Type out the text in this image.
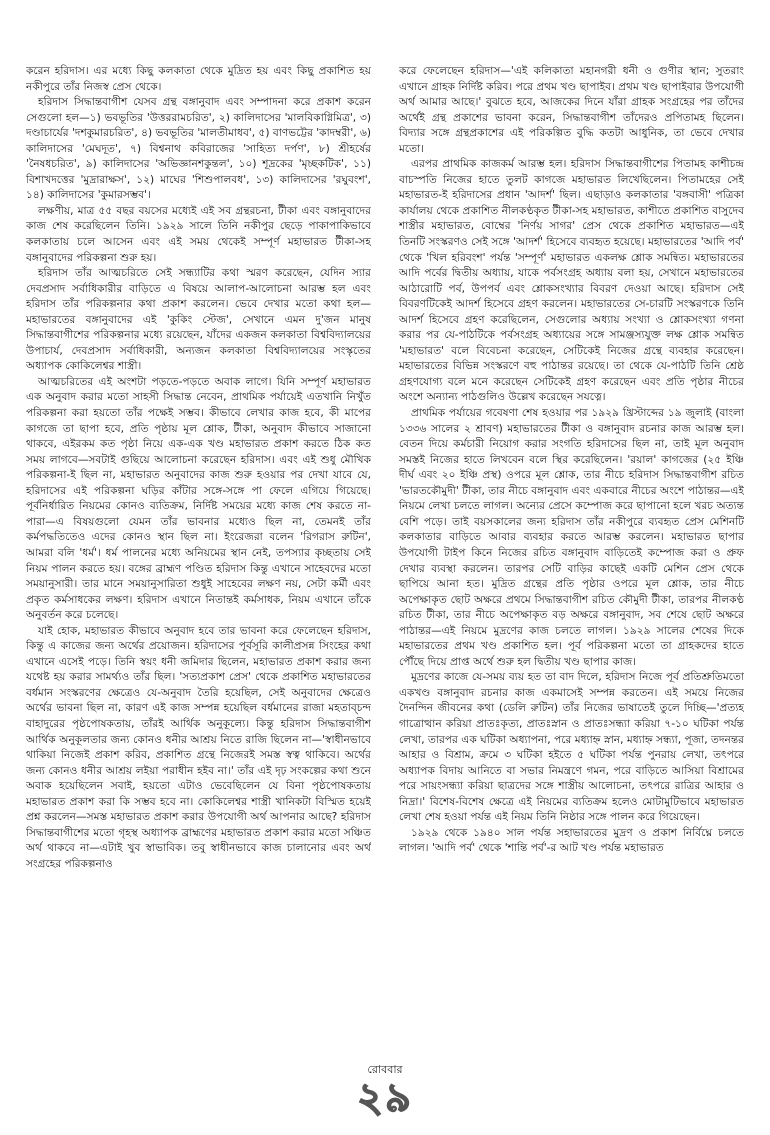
করেন হরিদাস। এর মধ্যে কিছু কলকাতা থেকে মুদ্রিত হয় এবং কিছু প্রকাশিত হয় নকীপুরে তাঁর নিজস্ব প্রেস থেকে।

হরিদাস সিদ্ধান্তবাগীশ যেসব গ্রন্থ বঙ্গানুবাদ এবং সম্পাদনা করে প্রকাশ করেন সেগুলো হল—১) ভবভূতির 'উত্তররামচরিত', ২) কালিদাসের 'মালবিকাগ্নিমিত্র', ৩) দণ্ডাচার্যের 'দশকুমারচরিত', ৪) ভবভূতির 'মালতীমাধব', ৫) বাণভট্টের 'কাদম্বরী', ৬) কালিদাসের 'মেঘদূত', ৭) বিশ্বনাথ কবিরাজের 'সাহিত্য দর্পণ', ৮) শ্রীহর্ষের 'নৈষধচরিত', ৯) কালিদাসের 'অভিজ্ঞানশকুন্তল', ১০) শূদ্রকের 'মৃচ্ছকটিক', ১১) বিশাখদত্তের 'মুদ্রারাক্ষস', ১২) মাঘের 'শিশুপালবধ', ১৩) কালিদাসের 'রঘুবংশ', ১৪) কালিদাসের 'কুমারসম্ভব'।

লক্ষণীয়, মাত্র ৫৫ বছর বয়সের মধ্যেই এই সব গ্রন্থরচনা, টীকা এবং বঙ্গানুবাদের কাজ শেষ করেছিলেন তিনি। ১৯২৯ সালে তিনি নকীপুর ছেড়ে পাকাপাকিভাবে কলকাতায় চলে আসেন এবং এই সময় থেকেই সম্পূর্ণ মহাভারত টীকা-সহ বঙ্গানুবাদের পরিকল্পনা শুরু হয়।

হরিদাস তাঁর আত্মচরিতে সেই সন্ধ্যাটির কথা স্মরণ করেছেন, যেদিন স্যার দেবপ্রসাদ সর্বাধিকারীর বাড়িতে এ বিষয়ে আলাপ-আলোচনা আরম্ভ হল এবং হরিদাস তাঁর পরিকল্পনার কথা প্রকাশ করলেন। ভেবে দেখার মতো কথা হল—মহাভারতের বঙ্গানুবাদের এই 'কুকিং স্টেজ', সেখানে এমন দু'জন মানুষ সিদ্ধান্তবাগীশের পরিকল্পনার মধ্যে রয়েছেন, যাঁদের একজন কলকাতা বিশ্ববিদ্যালয়ের উপাচার্য, দেবপ্রসাদ সর্বাধিকারী, অন্যজন কলকাতা বিশ্ববিদ্যালয়ের সংস্কৃতের অধ্যাপক কোকিলেশ্বর শাস্ত্রী।

আত্মচরিতের এই অংশটা পড়তে-পড়তে অবাক লাগে। যিনি সম্পূর্ণ মহাভারত এক অনুবাদ করার মতো সাহসী সিদ্ধান্ত নেবেন, প্রাথমিক পর্যায়েই এতখানি নিখুঁত পরিকল্পনা করা হয়তো তাঁর পক্ষেই সম্ভব। কীভাবে লেখার কাজ হবে, কী মাপের কাগজে তা ছাপা হবে, প্রতি পৃষ্ঠায় মূল শ্লোক, টীকা, অনুবাদ কীভাবে সাজানো থাকবে, এইরকম কত পৃষ্ঠা নিয়ে এক-এক খণ্ড মহাভারত প্রকাশ করতে ঠিক কত সময় লাগবে—সবটাই গুছিয়ে আলোচনা করেছেন হরিদাস। এবং এই শুধু মৌখিক পরিকল্পনা-ই ছিল না, মহাভারত অনুবাদের কাজ শুরু হওয়ার পর দেখা যাবে যে, হরিদাসের এই পরিকল্পনা ঘড়ির কাঁটার সঙ্গে-সঙ্গে পা ফেলে এগিয়ে গিয়েছে। পূর্বনির্ধারিত নিয়মের কোনও ব্যতিক্রম, নির্দিষ্ট সময়ের মধ্যে কাজ শেষ করতে না-পারা—এ বিষয়গুলো যেমন তাঁর ভাবনার মধ্যেও ছিল না, তেমনই তাঁর কর্মপদ্ধতিতেও এদের কোনও স্থান ছিল না। ইংরেজরা বলেন 'রিগরাস রুটিন', আমরা বলি 'ধর্ম'। ধর্ম পালনের মধ্যে অনিয়মের স্থান নেই, তপস্যার কৃচ্ছতায় সেই নিয়ম পালন করতে হয়। বঙ্গের ব্রাহ্মণ পণ্ডিত হরিদাস কিন্তু এখানে সাহেবদের মতো সময়ানুসারী। তার মানে সময়ানুসারিতা শুধুই সাহেবের লক্ষণ নয়, সেটা কর্মী এবং প্রকৃত কর্মসাধকের লক্ষণ। হরিদাস এখানে নিতান্তই কর্মসাধক, নিয়ম এখানে তাঁকে অনুবর্তন করে চলেছে।

যাই হোক, মহাভারত কীভাবে অনুবাদ হবে তার ভাবনা করে ফেলেছেন হরিদাস, কিন্তু এ কাজের জন্য অর্থের প্রয়োজন। হরিদাসের পূর্বসূরি কালীপ্রসন্ন সিংহের কথা এখানে এসেই পড়ে। তিনি স্বয়ং ধনী জমিদার ছিলেন, মহাভারত প্রকাশ করার জন্য যথেষ্ট হয় করার সামর্থ্যও তাঁর ছিল। 'সত্যপ্রকাশ প্রেস' থেকে প্রকাশিত মহাভারতের বর্ধমান সংস্করণের ক্ষেত্রেও যে-অনুবাদ তৈরি হয়েছিল, সেই অনুবাদের ক্ষেত্রেও অর্থের ভাবনা ছিল না, কারণ এই কাজ সম্পন্ন হয়েছিল বর্ধমানের রাজা মহতাব্‌চন্দ বাহাদুরের পৃষ্ঠপোষকতায়, তাঁরই আর্থিক অনুকূল্যে। কিন্তু হরিদাস সিদ্ধান্তবাগীশ আর্থিক অনুকূলতার জন্য কোনও ধনীর আশ্রয় নিতে রাজি ছিলেন না—'স্বাধীনভাবে থাকিয়া নিজেই প্রকাশ করিব, প্রকাশিত গ্রন্থে নিজেরই সমস্ত স্বত্ব থাকিবে। অর্থের জন্য কোনও ধনীর আশ্রয় লইয়া পরাধীন হইব না।' তাঁর এই দৃঢ় সংকল্পের কথা শুনে অবাক হয়েছিলেন সবাই, হয়তো এটাও ভেবেছিলেন যে বিনা পৃষ্ঠপোষকতায় মহাভারত প্রকাশ করা কি সম্ভব হবে না। কোকিলেশ্বর শাস্ত্রী খানিকটা বিস্মিত হয়েই প্রশ্ন করলেন—সমস্ত মহাভারত প্রকাশ করার উপযোগী অর্থ আপনার আছে? হরিদাস সিদ্ধান্তবাগীশের মতো গৃহস্থ অধ্যাপক ব্রাহ্মণের মহাভারত প্রকাশ করার মতো সঞ্চিত অর্থ থাকবে না—এটাই খুব স্বাভাবিক। তবু স্বাধীনভাবে কাজ চালানোর এবং অর্থ সংগ্রহের পরিকল্পনাও

করে ফেলেছেন হরিদাস—'এই কলিকাতা মহানগরী ধনী ও গুণীর স্থান; সুতরাং এখানে গ্রাহক নির্দিষ্ট করিব। পরে প্রথম খণ্ড ছাপাইব। প্রথম খণ্ড ছাপাইবার উপযোগী অর্থ আমার আছে।' বুঝতে হবে, আজকের দিনে যাঁরা গ্রাহক সংগ্রহের পর তাঁদের অর্থেই গ্রন্থ প্রকাশের ভাবনা করেন, সিদ্ধান্তবাগীশ তাঁদেরও প্রপিতামহ ছিলেন। বিদ্যার সঙ্গে গ্রন্থপ্রকাশের এই পরিকল্পিত বুদ্ধি কতটা আধুনিক, তা ভেবে দেখার মতো।

এরপর প্রাথমিক কাজকর্ম আরম্ভ হল। হরিদাস সিদ্ধান্তবাগীশের পিতামহ কাশীচন্দ্র বাচস্পতি নিজের হাতে তুলট কাগজে মহাভারত লিখেছিলেন। পিতামহের সেই মহাভারত-ই হরিদাসের প্রধান 'আদর্শ' ছিল। এছাড়াও কলকাতার 'বঙ্গবাসী' পত্রিকা কার্যালয় থেকে প্রকাশিত নীলকণ্ঠকৃত টীকা-সহ মহাভারত, কাশীতে প্রকাশিত বাসুদেব শাস্ত্রীর মহাভারত, বোম্বের 'নির্ণয় সাগর' প্রেস থেকে প্রকাশিত মহাভারত—এই তিনটি সংস্করণও সেই সঙ্গে 'আদর্শ' হিসেবে ব্যবহৃত হয়েছে। মহাভারতের 'আদি পর্ব' থেকে 'খিল হরিবংশ' পর্যন্ত 'সম্পূর্ণ' মহাভারত একলক্ষ শ্লোক সমন্বিত। মহাভারতের আদি পর্বের দ্বিতীয় অধ্যায়, যাকে পর্বসংগ্রহ অধ্যায় বলা হয়, সেখানে মহাভারতের আঠারোটি পর্ব, উপপর্ব এবং শ্লোকসংখ্যার বিবরণ দেওয়া আছে। হরিদাস সেই বিবরণটিকেই আদর্শ হিসেবে গ্রহণ করলেন। মহাভারতের সে-চারটি সংস্করণকে তিনি আদর্শ হিসেবে গ্রহণ করেছিলেন, সেগুলোর অধ্যায় সংখ্যা ও শ্লোকসংখ্যা গণনা করার পর যে-পাঠটিকে পর্বসংগ্রহ অধ্যায়ের সঙ্গে সামঞ্জস্যযুক্ত লক্ষ শ্লোক সমন্বিত 'মহাভারত' বলে বিবেচনা করেছেন, সেটিকেই নিজের গ্রন্থে ব্যবহার করেছেন। মহাভারতের বিভিন্ন সংস্করণে বহু পাঠান্তর রয়েছে। তা থেকে যে-পাঠটি তিনি শ্রেষ্ঠ গ্রহণযোগ্য বলে মনে করেছেন সেটিকেই গ্রহণ করেছেন এবং প্রতি পৃষ্ঠার নীচের অংশে অন্যান্য পাঠগুলিও উল্লেখ করেছেন সযত্নে।

প্রাথমিক পর্যায়ের গবেষণা শেষ হওয়ার পর ১৯২৯ খ্রিস্টাব্দের ১৯ জুলাই (বাংলা ১৩৩৬ সালের ২ শ্রাবণ) মহাভারতের টীকা ও বঙ্গানুবাদ রচনার কাজ আরম্ভ হল। বেতন দিয়ে কর্মচারী নিয়োগ করার সংগতি হরিদাসের ছিল না, তাই মূল অনুবাদ সমস্তই নিজের হাতে লিখবেন বলে স্থির করেছিলেন। 'রয়াল' কাগজের (২৫ ইঞ্চি দীর্ঘ এবং ২০ ইঞ্চি প্রস্থ) ওপরে মূল শ্লোক, তার নীচে হরিদাস সিদ্ধান্তবাগীশ রচিত 'ভারতকৌমুদী' টীকা, তার নীচে বঙ্গানুবাদ এবং একবারে নীচের অংশে পাঠান্তর—এই নিয়মে লেখা চলতে লাগল। অন্যের প্রেসে কম্পোজ করে ছাপানো হলে খরচ অত্যন্ত বেশি পড়ে। তাই বয়সকালের জন্য হরিদাস তাঁর নকীপুরে ব্যবহৃত প্রেস মেশিনটি কলকাতার বাড়িতে আবার ব্যবহার করতে আরম্ভ করলেন। মহাভারত ছাপার উপযোগী টাইপ কিনে নিজের রচিত বঙ্গানুবাদ বাড়িতেই কম্পোজ করা ও প্রুফ দেখার ব্যবস্থা করলেন। তারপর সেটি বাড়ির কাছেই একটি মেশিন প্রেস থেকে ছাপিয়ে আনা হত। মুদ্রিত গ্রন্থের প্রতি পৃষ্ঠার ওপরে মূল শ্লোক, তার নীচে অপেক্ষাকৃত ছোট অক্ষরে প্রথমে সিদ্ধান্তবাগীশ রচিত কৌমুদী টীকা, তারপর নীলকণ্ঠ রচিত টীকা, তার নীচে অপেক্ষাকৃত বড় অক্ষরে বঙ্গানুবাদ, সব শেষে ছোট অক্ষরে পাঠান্তর—এই নিয়মে মুদ্রণের কাজ চলতে লাগল। ১৯২৯ সালের শেষের দিকে মহাভারতের প্রথম খণ্ড প্রকাশিত হল। পূর্ব পরিকল্পনা মতো তা গ্রাহকদের হাতে পৌঁছে দিয়ে প্রাপ্ত অর্থে শুরু হল দ্বিতীয় খণ্ড ছাপার কাজ।

মুদ্রণের কাজে যে-সময় ব্যয় হত তা বাদ দিলে, হরিদাস নিজে পূর্ব প্রতিশ্রুতিমতো একখণ্ড বঙ্গানুবাদ রচনার কাজ একমাসেই সম্পন্ন করতেন। এই সময়ে নিজের দৈনন্দিন জীবনের কথা (ডেলি রুটিন) তাঁর নিজের ভাষাতেই তুলে দিচ্ছি—'প্রত্যহ গাত্রোত্থান করিয়া প্রাতঃকৃত্য, প্রাতঃস্নান ও প্রাতঃসন্ধ্যা করিয়া ৭-১০ ঘটিকা পর্যন্ত লেখা, তারপর এক ঘটিকা অধ্যাপনা, পরে মধ্যাহ্ন স্নান, মধ্যাহ্ন সন্ধ্যা, পূজা, তদনন্তর আহার ও বিশ্রাম, ক্রমে ৩ ঘটিকা হইতে ৫ ঘটিকা পর্যন্ত পুনরায় লেখা, তৎপরে অধ্যাপক বিদায় আনিতে বা সভার নিমন্ত্রণে গমন, পরে বাড়িতে আসিয়া বিশ্রামের পরে সায়ংসন্ধ্যা করিয়া ছাত্রদের সঙ্গে শাস্ত্রীয় আলোচনা, তৎপরে রাত্রির আহার ও নিদ্রা।' বিশেষ-বিশেষ ক্ষেত্রে এই নিয়মের ব্যতিক্রম হলেও মোটামুটিভাবে মহাভারত লেখা শেষ হওয়া পর্যন্ত এই নিয়ম তিনি নিষ্ঠার সঙ্গে পালন করে গিয়েছেন।

১৯২৯ থেকে ১৯৪০ সাল পর্যন্ত সহাভারতের মুদ্রণ ও প্রকাশ নির্বিঘ্নে চলতে লাগল। 'আদি পর্ব' থেকে 'শান্তি পর্ব'-র আট খণ্ড পর্যন্ত মহাভারত

রোববার
২৯
